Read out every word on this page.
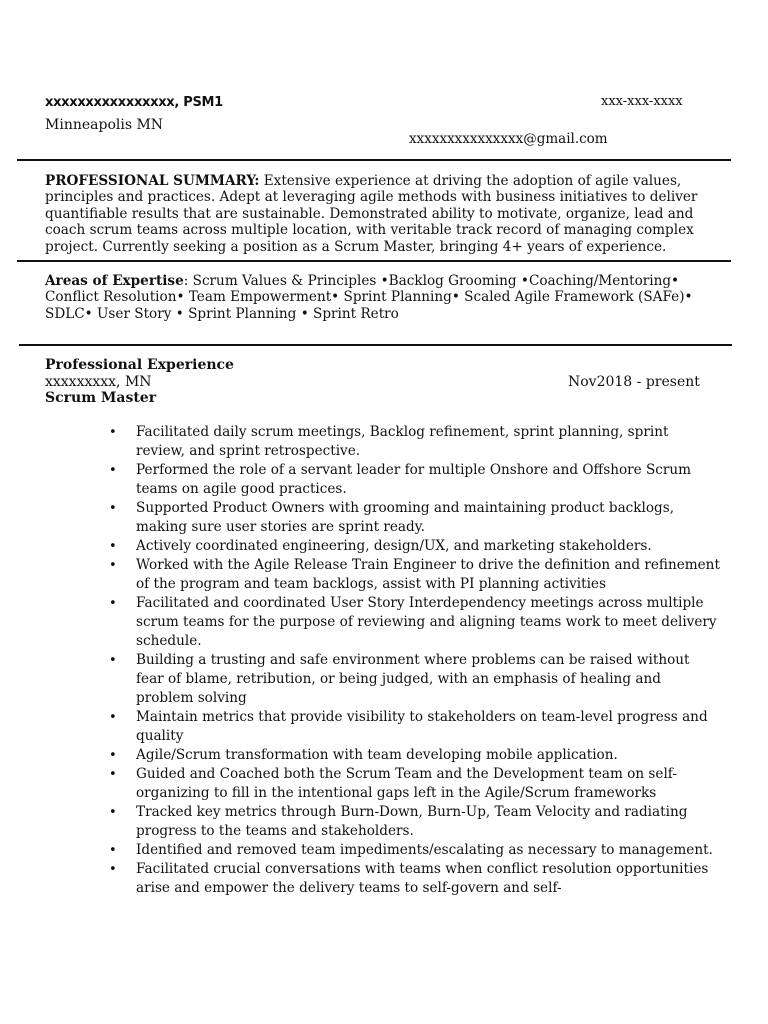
xxxxxxxxxxxxxxxx, PSM1
Minneapolis MN
xxx-xxx-xxxx
xxxxxxxxxxxxxxx@gmail.com
PROFESSIONAL SUMMARY: Extensive experience at driving the adoption of agile values, principles and practices. Adept at leveraging agile methods with business initiatives to deliver quantifiable results that are sustainable. Demonstrated ability to motivate, organize, lead and coach scrum teams across multiple location, with veritable track record of managing complex project. Currently seeking a position as a Scrum Master, bringing 4+ years of experience.
Areas of Expertise: Scrum Values & Principles •Backlog Grooming •Coaching/Mentoring• Conflict Resolution• Team Empowerment• Sprint Planning• Scaled Agile Framework (SAFe)• SDLC• User Story • Sprint Planning • Sprint Retro
Professional Experience
xxxxxxxxx, MN	Nov2018 - present
Scrum Master
• Facilitated daily scrum meetings, Backlog refinement, sprint planning, sprint review, and sprint retrospective.
• Performed the role of a servant leader for multiple Onshore and Offshore Scrum teams on agile good practices.
• Supported Product Owners with grooming and maintaining product backlogs, making sure user stories are sprint ready.
• Actively coordinated engineering, design/UX, and marketing stakeholders.
• Worked with the Agile Release Train Engineer to drive the definition and refinement of the program and team backlogs, assist with PI planning activities
• Facilitated and coordinated User Story Interdependency meetings across multiple scrum teams for the purpose of reviewing and aligning teams work to meet delivery schedule.
• Building a trusting and safe environment where problems can be raised without fear of blame, retribution, or being judged, with an emphasis of healing and problem solving
• Maintain metrics that provide visibility to stakeholders on team-level progress and quality
• Agile/Scrum transformation with team developing mobile application.
• Guided and Coached both the Scrum Team and the Development team on self-organizing to fill in the intentional gaps left in the Agile/Scrum frameworks
• Tracked key metrics through Burn-Down, Burn-Up, Team Velocity and radiating progress to the teams and stakeholders.
• Identified and removed team impediments/escalating as necessary to management.
• Facilitated crucial conversations with teams when conflict resolution opportunities arise and empower the delivery teams to self-govern and self-
